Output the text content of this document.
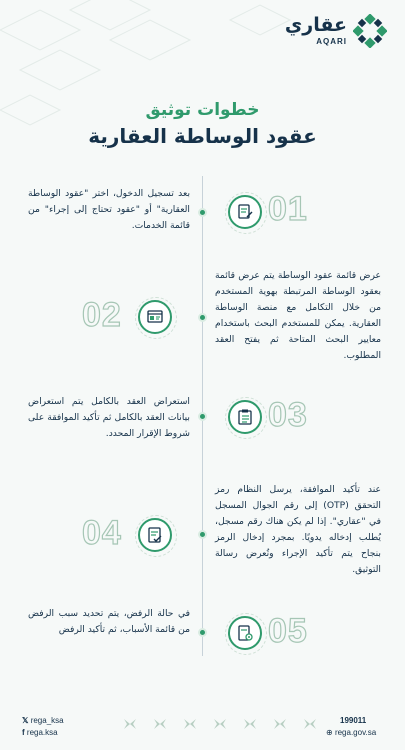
عقاري
AQARI
خطوات توثيق
عقود الوساطة العقارية
01
بعد تسجيل الدخول، اختر "عقود الوساطة العقارية" أو "عقود تحتاج إلى إجراء" من قائمة الخدمات.
02
عرض قائمة عقود الوساطة يتم عرض قائمة بعقود الوساطة المرتبطة بهوية المستخدم من خلال التكامل مع منصة الوساطة العقارية. يمكن للمستخدم البحث باستخدام معايير البحث المتاحة ثم يفتح العقد المطلوب.
03
استعراض العقد بالكامل يتم استعراض بيانات العقد بالكامل ثم تأكيد الموافقة على شروط الإقرار المحدد.
04
عند تأكيد الموافقة، يرسل النظام رمز التحقق (OTP) إلى رقم الجوال المسجل في "عقاري". إذا لم يكن هناك رقم مسجل، يُطلب إدخاله يدويًا. بمجرد إدخال الرمز بنجاح يتم تأكيد الإجراء وتُعرض رسالة التوثيق.
05
في حالة الرفض، يتم تحديد سبب الرفض من قائمة الأسباب، ثم تأكيد الرفض
𝕏 rega_ksa
f rega.ksa
199011
⊕ rega.gov.sa
